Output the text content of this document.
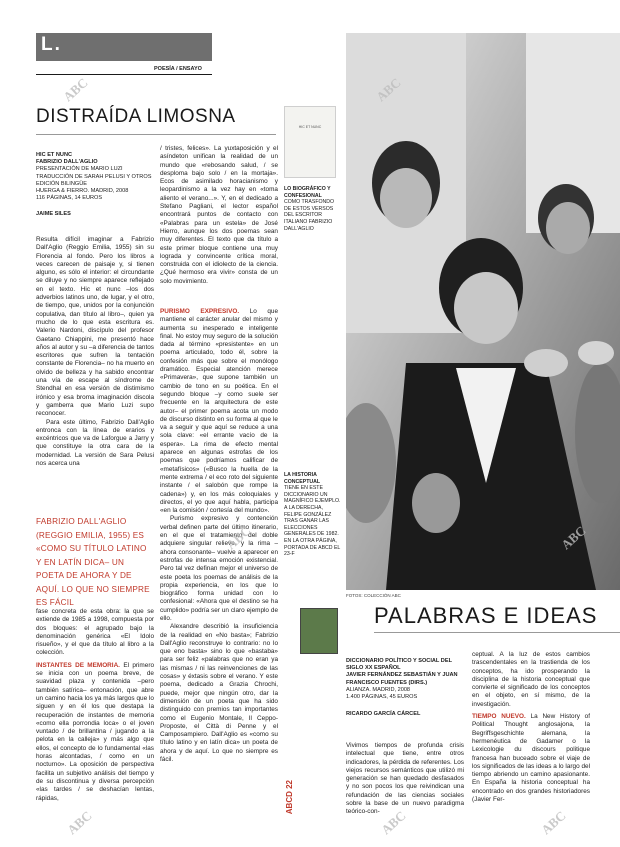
L.
POESÍA / ENSAYO
DISTRAÍDA LIMOSNA
HIC ET NUNC
FABRIZIO DALL'AGLIO
PRESENTACIÓN DE MARIO LUZI
TRADUCCIÓN DE SARAH PELUSI Y OTROS
EDICIÓN BILINGÜE
HUERGA & FIERRO. MADRID, 2008
116 PÁGINAS, 14 EUROS
JAIME SILES

Resulta difícil imaginar a Fabrizio Dall'Aglio (Reggio Emilia, 1955) sin su Florencia al fondo. Pero los libros a veces carecen de paisaje y, si tienen alguno, es sólo el interior: el circundante se diluye y no siempre aparece reflejado en el texto. Hic et nunc –los dos adverbios latinos uno, de lugar, y el otro, de tiempo, que, unidos por la conjunción copulativa, dan título al libro–, quien ya mucho de lo que esta escritura es. Valerio Nardoni, discípulo del profesor Gaetano Chiappini, me presentó hace años al autor y su –a diferencia de tantos escritores que sufren la tentación constante de Florencia– no ha muerto en olvido de belleza y ha sabido encontrar una vía de escape al síndrome de Stendhal en esa versión de distimismo irónico y esa broma imaginación discola y gamberra que Mario Luzi supo reconocer.

Para este último, Fabrizio Dall'Aglio entronca con la línea de erarios y excéntricos que va de Laforgue a Jarry y que constituye la otra cara de la modernidad. La versión de Sara Pelusi nos acerca una

FABRIZIO DALL'AGLIO (REGGIO EMILIA, 1955) ES «COMO SU TÍTULO LATINO Y EN LATÍN DICA– UN POETA DE AHORA Y DE AQUÍ. LO QUE NO SIEMPRE ES FÁCIL

fase concreta de esta obra: la que se extiende de 1985 a 1998, compuesta por dos bloques: el agrupado bajo la denominación genérica «El Idolo risueño», y el que da título al libro a la colección.

INSTANTES DE MEMORIA. El primero se inicia con un poema breve, de suavidad plaza y contenida –pero también satírica– entonación, que abre un camino hacia los ya más largos que lo siguen y en él los que destapa la recuperación de instantes de memoria «como ella porrondia loca» o el joven vuntado / de brillantina / jugando a la pelota en la calleja» y más algo que ellos, el concepto de lo fundamental «las horas alcontadas, / como en un nocturno». La oposición de perspectiva facilita un subjetivo análisis del tiempo y de su discontinua y diversa percepción «las tardes / se deshacían lentas, rápidas,

/ tristes, felices». La yuxtaposición y el asíndeton unifican la realidad de un mundo que «rebosando salud, / se desploma bajo solo / en la mortaja». Ecos de asimilado horacianismo y leopardinismo a la vez hay en «toma aliento el verano...». Y, en el dedicado a Stefano Pagliani, el lector español encontrará puntos de contacto con «Palabras para un estela» de José Hierro, aunque los dos poemas sean muy diferentes. El texto que da título a este primer bloque contiene una muy lograda y convincente crítica moral, construida con el idiolecto de la ciencia. ¿Qué hermoso era vivir» consta de un solo movimiento.

PURISMO EXPRESIVO. Lo que mantiene el carácter anular del mismo y aumenta su inesperado e inteligente final. No estoy muy seguro de la solución dada al término «presistente» en un poema articulado, todo él, sobre la confesión más que sobre el monólogo dramático. Especial atención merece «Primavera», que supone también un cambio de tono en su poética. En el segundo bloque –y como suele ser frecuente en la arquitectura de este autor– el primer poema acota un modo de discurso distinto en su forma al que le va a seguir y que aquí se reduce a una sola clave: «el errante vacío de la espera». La rima de efecto mental aparece en algunas estrofas de los poemas que podríamos calificar de «metafísicos» («Busco la huella de la mente extrema / el eco roto del siguiente instante / el salobón que rompe la cadena») y, en los más coloquiales y directos, el yo que aquí habla, participa «en la comisión / cortesía del mundo».

Purismo expresivo y contención verbal definen parte del último itinerario, en el que el tratamiento del doble adquiere singular relieve, y la rima –ahora consonante– vuelve a aparecer en estrofas de intensa emoción existencial. Pero tal vez definan mejor el universo de este poeta los poemas de análisis de la propia experiencia, en los que lo biográfico forma unidad con lo confesional: «Ahora que el destino se ha cumplido» podría ser un claro ejemplo de ello.

Alexandre describió la insuficiencia de la realidad en «No basta»; Fabrizio Dall'Aglio reconstruye lo contrario: no lo que eno basta» sino lo que «bastaba» para ser feliz «palabras que no eran ya las mismas / ni las reinvenciones de las cosas» y éxtasis sobre el verano. Y este poema, dedicado a Grazia Chrochi, puede, mejor que ningún otro, dar la dimensión de un poeta que ha sido distinguido con premios tan importantes como el Eugenio Montale, Il Ceppo-Proposte, el Città di Penne y el Camposampiero. Dall'Aglio es «como su título latino y en latín dica» un poeta de ahora y de aquí. Lo que no siempre es fácil.

HIC ET NUNC
LO BIOGRÁFICO Y CONFESIONAL
COMO TRASFONDO DE ESTOS VERSOS DEL ESCRITOR ITALIANO FABRIZIO DALL'AGLIO
LA HISTORIA CONCEPTUAL
TIENE EN ESTE DICCIONARIO UN MAGNÍFICO EJEMPLO. A LA DERECHA, FELIPE GONZÁLEZ TRAS GANAR LAS ELECCIONES GENERALES DE 1982. EN LA OTRA PÁGINA, PORTADA DE ABCD EL 23-F
FOTOS: COLECCIÓN ABC
PALABRAS E IDEAS
DICCIONARIO POLÍTICO Y SOCIAL DEL SIGLO XX ESPAÑOL
JAVIER FERNÁNDEZ SEBASTIÁN Y JUAN FRANCISCO FUENTES (DIRS.)
ALIANZA. MADRID, 2008
1.400 PÁGINAS, 45 EUROS
RICARDO GARCÍA CÁRCEL

Vivimos tiempos de profunda crisis intelectual que tiene, entre otros indicadores, la pérdida de referentes. Los viejos recursos semánticos que utilizó mi generación se han quedado desfasados y no son pocos los que reivindican una refundación de las ciencias sociales sobre la base de un nuevo paradigma teórico-con-

ceptual. A la luz de estos cambios trascendentales en la trastienda de los conceptos, ha ido prosperando la disciplina de la historia conceptual que convierte el significado de los conceptos en el objeto, en sí mismo, de la investigación.

TIEMPO NUEVO. La New History of Political Thought anglosajona, la Begriffsgeschichte alemana, la hermenéutica de Gadamer o la Lexicologie du discours politique francesa han buceado sobre el viaje de los significados de las ideas a lo largo del tiempo abriendo un camino apasionante. En España la historia conceptual ha encontrado en dos grandes historiadores (Javier Fer-

ABCD 22
ABC	ABC
ABC	ABC
ABC	ABC	ABC
